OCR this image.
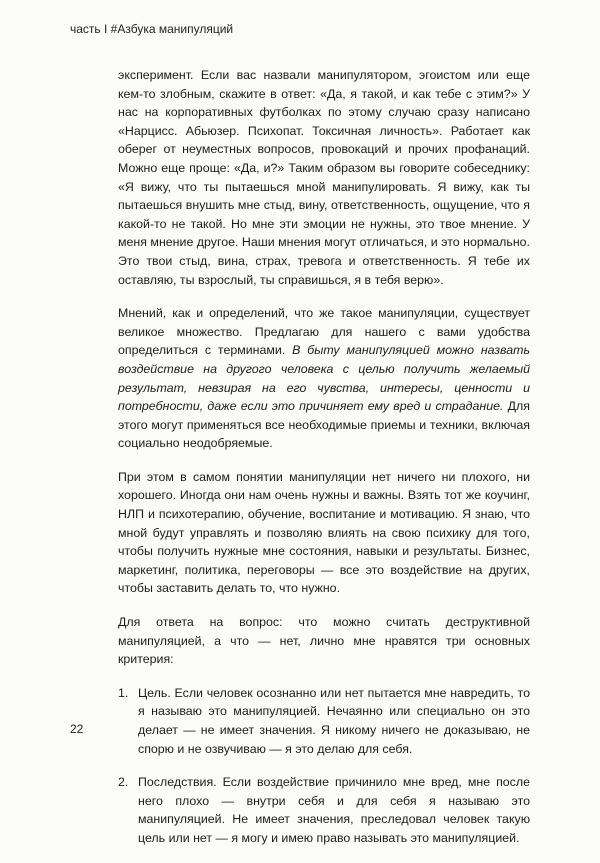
часть I #Азбука манипуляций

эксперимент. Если вас назвали манипулятором, эгоистом или еще кем-то злобным, скажите в ответ: «Да, я такой, и как тебе с этим?» У нас на корпоративных футболках по этому случаю сразу написано «Нарцисс. Абьюзер. Психопат. Токсичная личность». Работает как оберег от неуместных вопросов, провокаций и прочих профанаций. Можно еще проще: «Да, и?» Таким образом вы говорите собеседнику: «Я вижу, что ты пытаешься мной манипулировать. Я вижу, как ты пытаешься внушить мне стыд, вину, ответственность, ощущение, что я какой-то не такой. Но мне эти эмоции не нужны, это твое мнение. У меня мнение другое. Наши мнения могут отличаться, и это нормально. Это твои стыд, вина, страх, тревога и ответственность. Я тебе их оставляю, ты взрослый, ты справишься, я в тебя верю».

Мнений, как и определений, что же такое манипуляции, существует великое множество. Предлагаю для нашего с вами удобства определиться с терминами. В быту манипуляцией можно назвать воздействие на другого человека с целью получить желаемый результат, невзирая на его чувства, интересы, ценности и потребности, даже если это причиняет ему вред и страдание. Для этого могут применяться все необходимые приемы и техники, включая социально неодобряемые.

При этом в самом понятии манипуляции нет ничего ни плохого, ни хорошего. Иногда они нам очень нужны и важны. Взять тот же коучинг, НЛП и психотерапию, обучение, воспитание и мотивацию. Я знаю, что мной будут управлять и позволяю влиять на свою психику для того, чтобы получить нужные мне состояния, навыки и результаты. Бизнес, маркетинг, политика, переговоры — все это воздействие на других, чтобы заставить делать то, что нужно.

Для ответа на вопрос: что можно считать деструктивной манипуляцией, а что — нет, лично мне нравятся три основных критерия:

1. Цель. Если человек осознанно или нет пытается мне навредить, то я называю это манипуляцией. Нечаянно или специально он это делает — не имеет значения. Я никому ничего не доказываю, не спорю и не озвучиваю — я это делаю для себя.
2. Последствия. Если воздействие причинило мне вред, мне после него плохо — внутри себя и для себя я называю это манипуляцией. Не имеет значения, преследовал человек такую цель или нет — я могу и имею право называть это манипуляцией.
22
